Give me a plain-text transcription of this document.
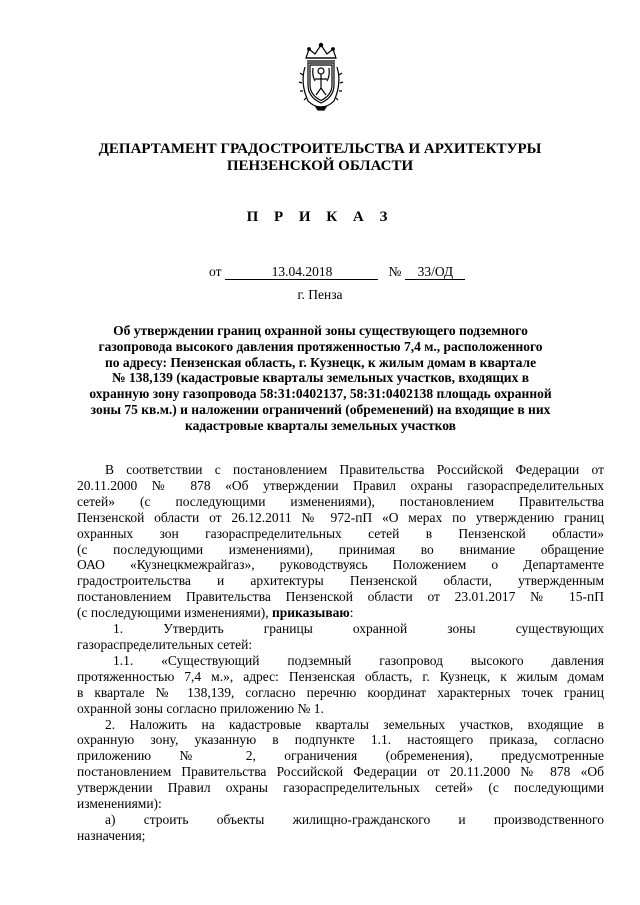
ДЕПАРТАМЕНТ ГРАДОСТРОИТЕЛЬСТВА И АРХИТЕКТУРЫ
ПЕНЗЕНСКОЙ ОБЛАСТИ
П Р И К А З
от	13.04.2018	№ 33/ОД
г. Пенза
Об утверждении границ охранной зоны существующего подземного
газопровода высокого давления протяженностью 7,4 м., расположенного
по адресу: Пензенская область, г. Кузнецк, к жилым домам в квартале
№ 138,139 (кадастровые кварталы земельных участков, входящих в
охранную зону газопровода 58:31:0402137, 58:31:0402138 площадь охранной
зоны 75 кв.м.) и наложении ограничений (обременений) на входящие в них
кадастровые кварталы земельных участков
В соответствии с постановлением Правительства Российской Федерации от
20.11.2000 № 878 «Об утверждении Правил охраны газораспределительных
сетей» (с последующими изменениями), постановлением Правительства
Пензенской области от 26.12.2011 № 972-пП «О мерах по утверждению границ
охранных зон газораспределительных сетей в Пензенской области»
(с последующими изменениями), принимая во внимание обращение
ОАО «Кузнецкмежрайгаз», руководствуясь Положением о Департаменте
градостроительства и архитектуры Пензенской области, утвержденным
постановлением Правительства Пензенской области от 23.01.2017 № 15-пП
(с последующими изменениями), приказываю:
1. Утвердить границы охранной зоны существующих
газораспределительных сетей:
1.1. «Существующий подземный газопровод высокого давления
протяженностью 7,4 м.», адрес: Пензенская область, г. Кузнецк, к жилым домам
в квартале № 138,139, согласно перечню координат характерных точек границ
охранной зоны согласно приложению № 1.
2. Наложить на кадастровые кварталы земельных участков, входящие в
охранную зону, указанную в подпункте 1.1. настоящего приказа, согласно
приложению № 2, ограничения (обременения), предусмотренные
постановлением Правительства Российской Федерации от 20.11.2000 № 878 «Об
утверждении Правил охраны газораспределительных сетей» (с последующими
изменениями):
а) строить объекты жилищно-гражданского и производственного
назначения;
